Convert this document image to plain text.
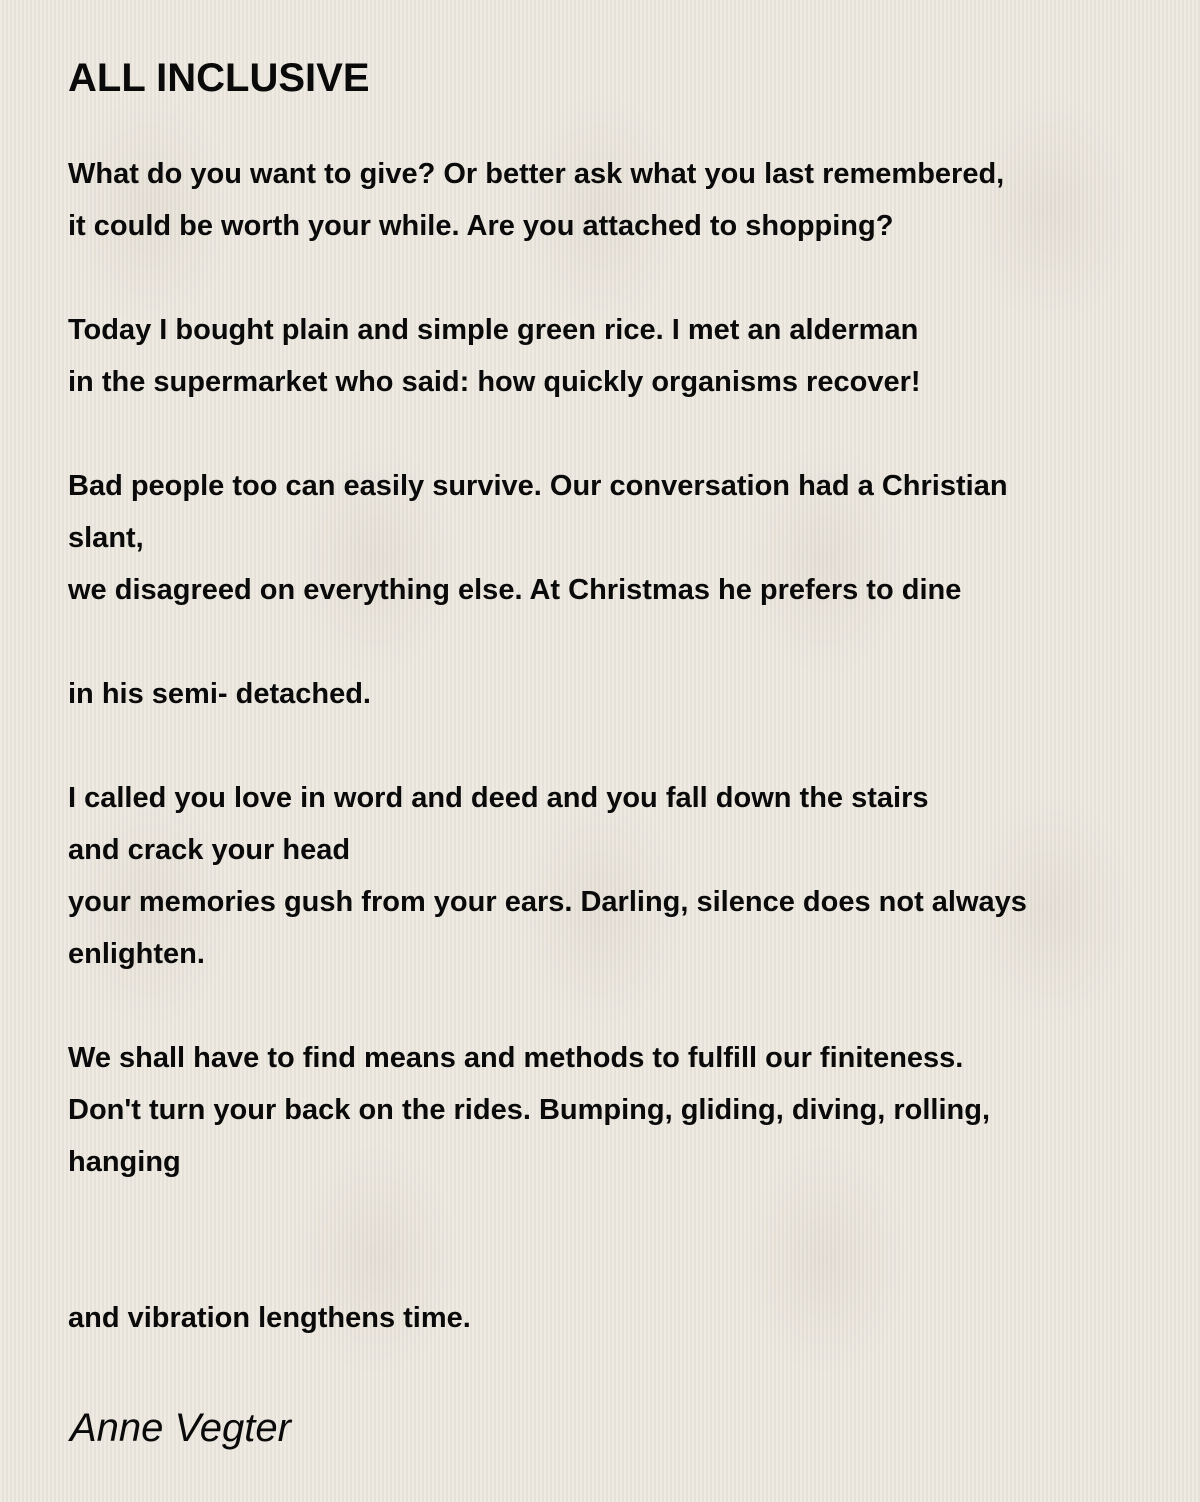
ALL INCLUSIVE
What do you want to give? Or better ask what you last remembered,
it could be worth your while. Are you attached to shopping?
Today I bought plain and simple green rice. I met an alderman
in the supermarket who said: how quickly organisms recover!
Bad people too can easily survive. Our conversation had a Christian
slant,
we disagreed on everything else. At Christmas he prefers to dine
in his semi- detached.
I called you love in word and deed and you fall down the stairs
and crack your head
your memories gush from your ears. Darling, silence does not always
enlighten.
We shall have to find means and methods to fulfill our finiteness.
Don't turn your back on the rides. Bumping, gliding, diving, rolling,
hanging
and vibration lengthens time.
Anne Vegter
